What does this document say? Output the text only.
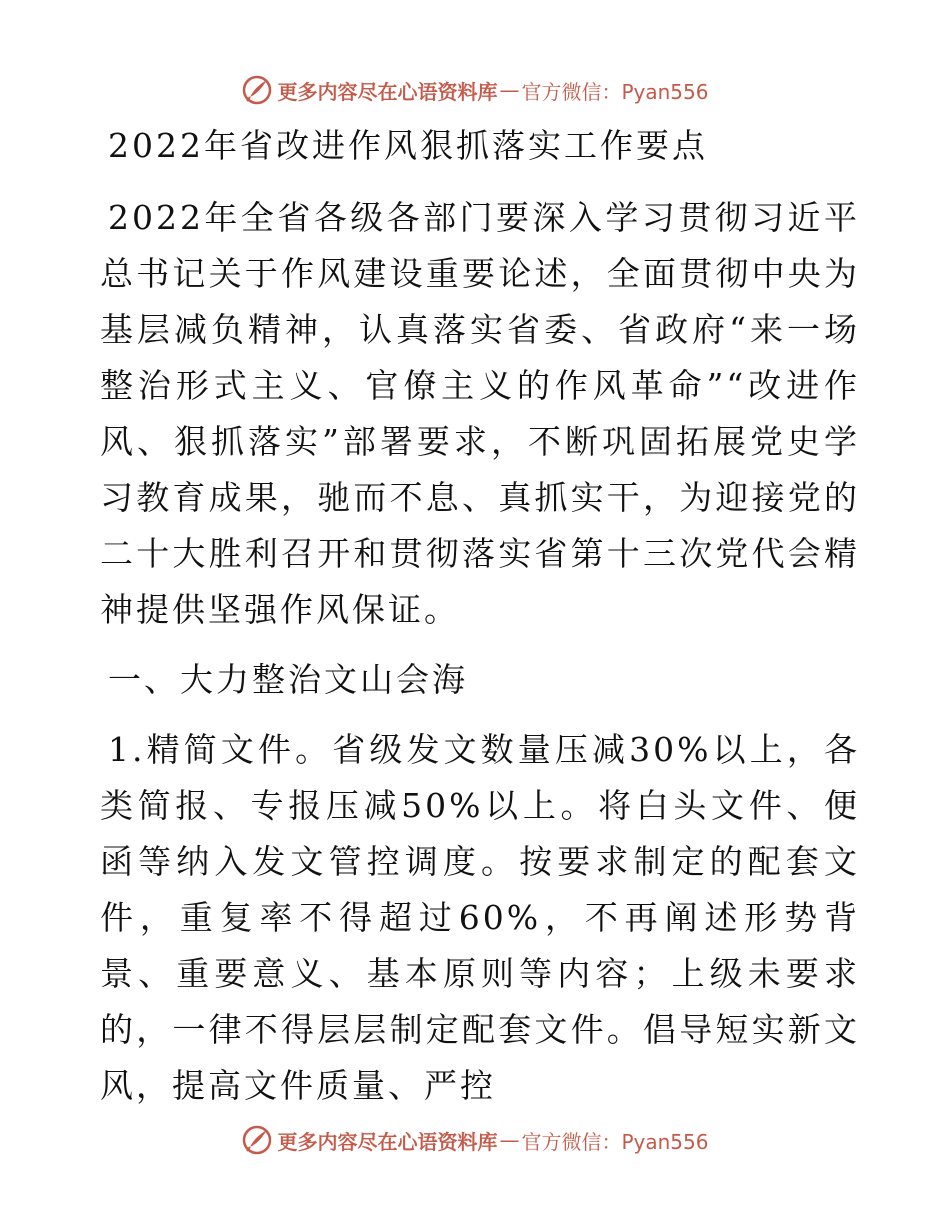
更多内容尽在心语资料库 — 官方微信：Pyan556

2022年省改进作风狠抓落实工作要点

2022年全省各级各部门要深入学习贯彻习近平总书记关于作风建设重要论述，全面贯彻中央为基层减负精神，认真落实省委、省政府“来一场整治形式主义、官僚主义的作风革命”“改进作风、狠抓落实”部署要求，不断巩固拓展党史学习教育成果，驰而不息、真抓实干，为迎接党的二十大胜利召开和贯彻落实省第十三次党代会精神提供坚强作风保证。

一、大力整治文山会海

1.精简文件。省级发文数量压减30%以上，各类简报、专报压减50%以上。将白头文件、便函等纳入发文管控调度。按要求制定的配套文件，重复率不得超过60%，不再阐述形势背景、重要意义、基本原则等内容；上级未要求的，一律不得层层制定配套文件。倡导短实新文风，提高文件质量、严控

更多内容尽在心语资料库 — 官方微信：Pyan556
